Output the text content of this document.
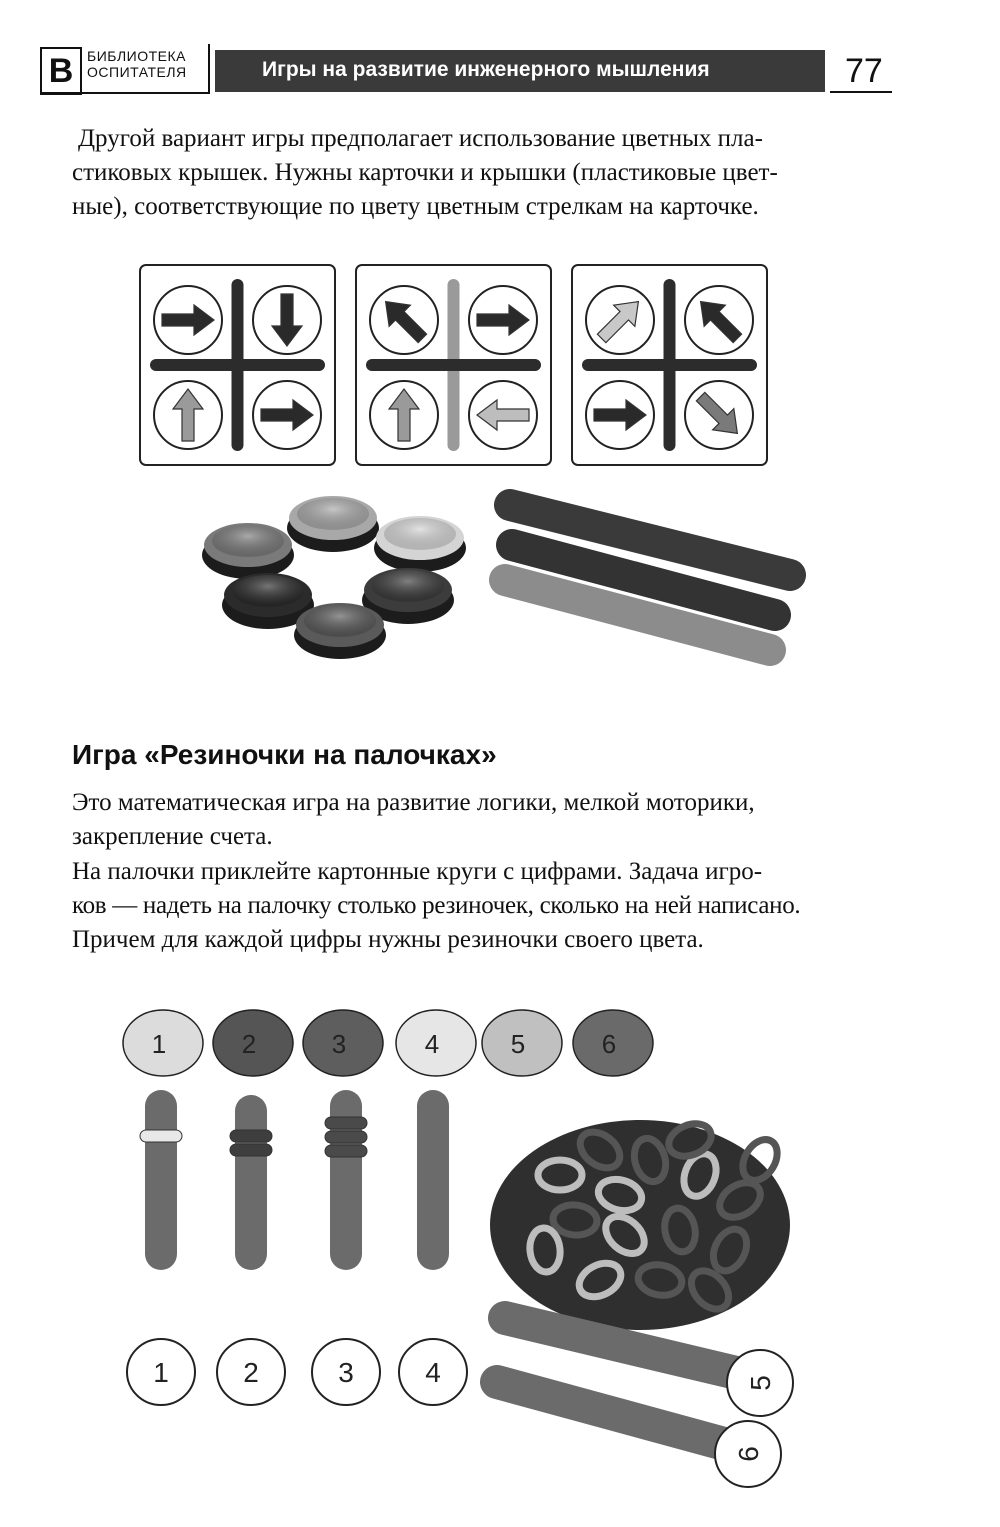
В БИБЛИОТЕКА
ОСПИТАТЕЛЯ	Игры на развитие инженерного мышления	77
Другой вариант игры предполагает использование цветных пла-
стиковых крышек. Нужны карточки и крышки (пластиковые цвет-
ные), соответствующие по цвету цветным стрелкам на карточке.
1	2	3	4	5	6
1	2	3	4	5
6
Игра «Резиночки на палочках»
Это математическая игра на развитие логики, мелкой моторики,
закрепление счета.
На палочки приклейте картонные круги с цифрами. Задача игро-
ков — надеть на палочку столько резиночек, сколько на ней написано.
Причем для каждой цифры нужны резиночки своего цвета.
